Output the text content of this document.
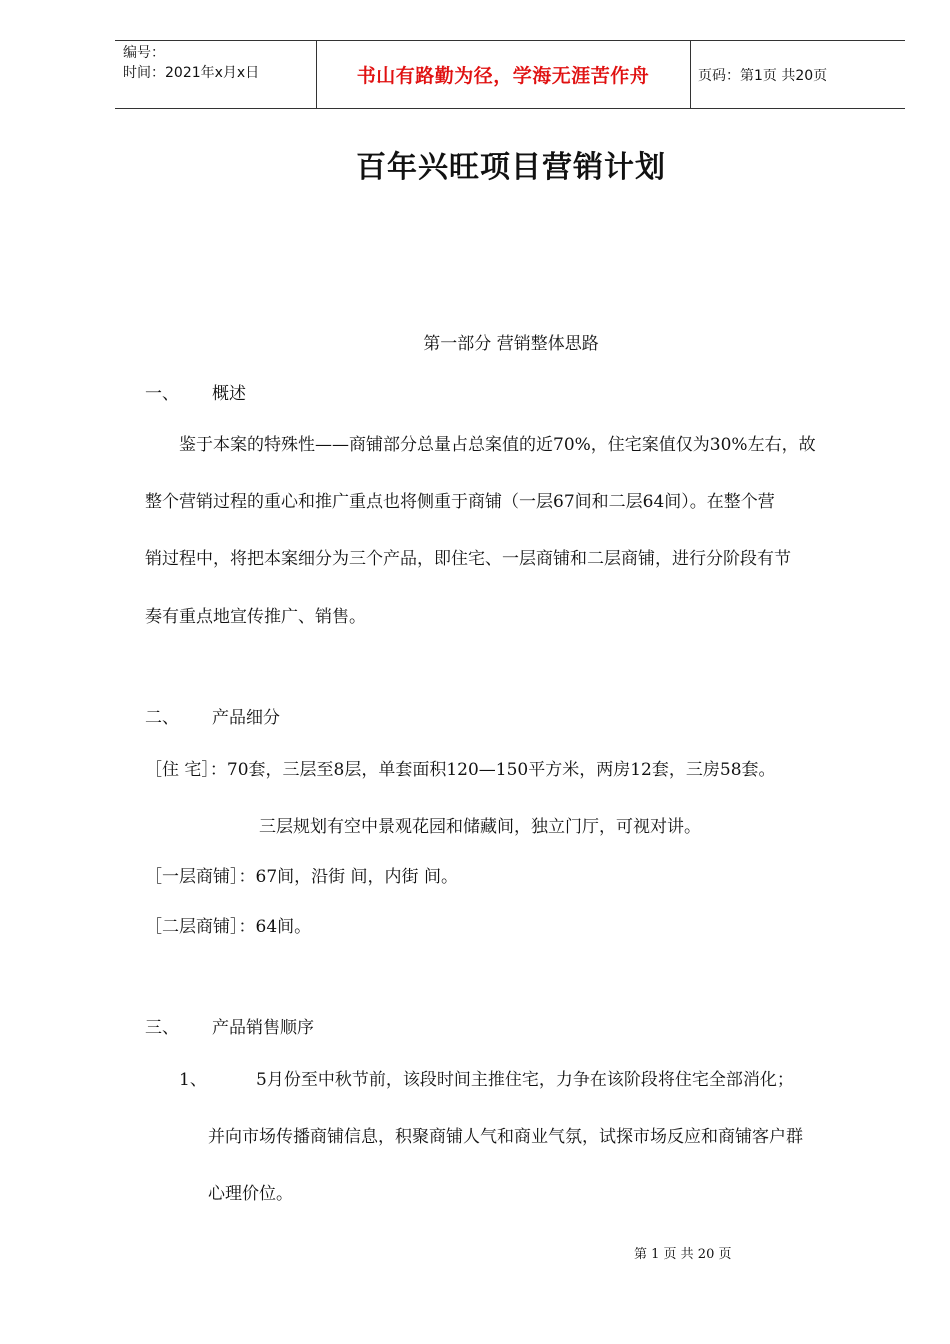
编号：
时间：2021年x月x日	书山有路勤为径，学海无涯苦作舟	页码：第1页 共20页
百年兴旺项目营销计划
第一部分 营销整体思路
一、 概述
鉴于本案的特殊性——商铺部分总量占总案值的近70%，住宅案值仅为30%左右，故
整个营销过程的重心和推广重点也将侧重于商铺（一层67间和二层64间）。在整个营
销过程中，将把本案细分为三个产品，即住宅、一层商铺和二层商铺，进行分阶段有节
奏有重点地宣传推广、销售。
二、 产品细分
［住 宅］：70套，三层至8层，单套面积120—150平方米，两房12套，三房58套。
三层规划有空中景观花园和储藏间，独立门厅，可视对讲。
［一层商铺］：67间，沿街 间，内街 间。
［二层商铺］：64间。
三、 产品销售顺序
1、	5月份至中秋节前，该段时间主推住宅，力争在该阶段将住宅全部消化；
并向市场传播商铺信息，积聚商铺人气和商业气氛，试探市场反应和商铺客户群
心理价位。
第 1 页 共 20 页
